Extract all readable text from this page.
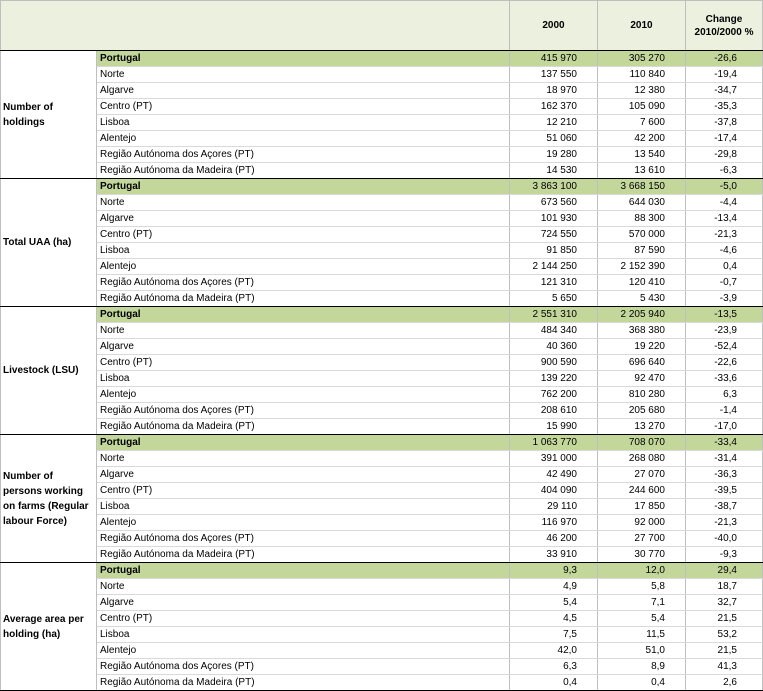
		2000	2010	Change 2010/2000 %
Number of holdings	Portugal	415 970	305 270	-26,6
	Norte	137 550	110 840	-19,4
	Algarve	18 970	12 380	-34,7
	Centro (PT)	162 370	105 090	-35,3
	Lisboa	12 210	7 600	-37,8
	Alentejo	51 060	42 200	-17,4
	Região Autónoma dos Açores (PT)	19 280	13 540	-29,8
	Região Autónoma da Madeira (PT)	14 530	13 610	-6,3
Total UAA (ha)	Portugal	3 863 100	3 668 150	-5,0
	Norte	673 560	644 030	-4,4
	Algarve	101 930	88 300	-13,4
	Centro (PT)	724 550	570 000	-21,3
	Lisboa	91 850	87 590	-4,6
	Alentejo	2 144 250	2 152 390	0,4
	Região Autónoma dos Açores (PT)	121 310	120 410	-0,7
	Região Autónoma da Madeira (PT)	5 650	5 430	-3,9
Livestock (LSU)	Portugal	2 551 310	2 205 940	-13,5
	Norte	484 340	368 380	-23,9
	Algarve	40 360	19 220	-52,4
	Centro (PT)	900 590	696 640	-22,6
	Lisboa	139 220	92 470	-33,6
	Alentejo	762 200	810 280	6,3
	Região Autónoma dos Açores (PT)	208 610	205 680	-1,4
	Região Autónoma da Madeira (PT)	15 990	13 270	-17,0
Number of persons working on farms (Regular labour Force)	Portugal	1 063 770	708 070	-33,4
	Norte	391 000	268 080	-31,4
	Algarve	42 490	27 070	-36,3
	Centro (PT)	404 090	244 600	-39,5
	Lisboa	29 110	17 850	-38,7
	Alentejo	116 970	92 000	-21,3
	Região Autónoma dos Açores (PT)	46 200	27 700	-40,0
	Região Autónoma da Madeira (PT)	33 910	30 770	-9,3
Average area per holding (ha)	Portugal	9,3	12,0	29,4
	Norte	4,9	5,8	18,7
	Algarve	5,4	7,1	32,7
	Centro (PT)	4,5	5,4	21,5
	Lisboa	7,5	11,5	53,2
	Alentejo	42,0	51,0	21,5
	Região Autónoma dos Açores (PT)	6,3	8,9	41,3
	Região Autónoma da Madeira (PT)	0,4	0,4	2,6
